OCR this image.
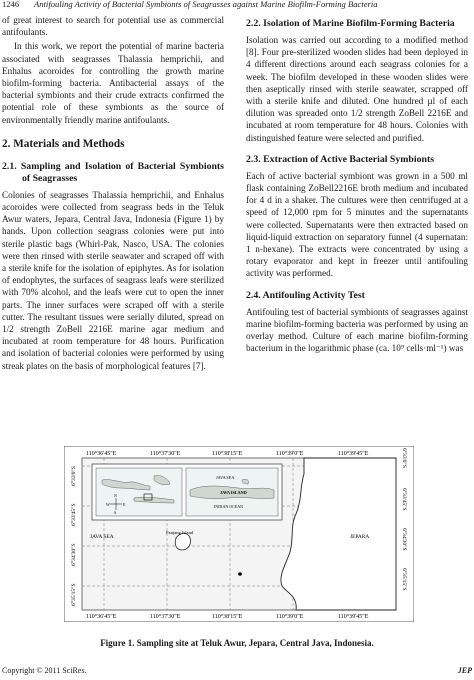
1246 Antifouling Activity of Bacterial Symbionts of Seagrasses against Marine Biofilm-Forming Bacteria

of great interest to search for potential use as commercial antifoulants.

In this work, we report the potential of marine bacteria associated with seagrasses Thalassia hemprichii, and Enhalus acoroides for controlling the growth marine biofilm-forming bacteria. Antibacterial assays of the bacterial symbionts and their crude extracts confirmed the potential role of these symbionts as the source of environmentally friendly marine antifoulants.

2. Materials and Methods
2.1. Sampling and Isolation of Bacterial Symbionts of Seagrasses

Colonies of seagrasses Thalassia hemprichii, and Enhalus acoroides were collected from seagrass beds in the Teluk Awur waters, Jepara, Central Java, Indonesia (Figure 1) by hands. Upon collection seagrass colonies were put into sterile plastic bags (Whirl-Pak, Nasco, USA. The colonies were then rinsed with sterile seawater and scraped off with a sterile knife for the isolation of epiphytes. As for isolation of endophytes, the surfaces of seagrass leafs were sterilized with 70% alcohol, and the leafs were cut to open the inner parts. The inner surfaces were scraped off with a sterile cutter. The resultant tissues were serially diluted, spread on 1/2 strength ZoBell 2216E marine agar medium and incubated at room temperature for 48 hours. Purification and isolation of bacterial colonies were performed by using streak plates on the basis of morphological features [7].

2.2. Isolation of Marine Biofilm-Forming Bacteria

Isolation was carried out according to a modified method [8]. Four pre-sterilized wooden slides had been deployed in 4 different directions around each seagrass colonies for a week. The biofilm developed in these wooden slides were then aseptically rinsed with sterile seawater, scrapped off with a sterile knife and diluted. One hundred µl of each dilution was spreaded onto 1/2 strength ZoBell 2216E and incubated at room temperature for 48 hours. Colonies with distinguished feature were selected and purified.

2.3. Extraction of Active Bacterial Symbionts

Each of active bacterial symbiont was grown in a 500 ml flask containing ZoBell2216E broth medium and incubated for 4 d in a shaker. The cultures were then centrifuged at a speed of 12,000 rpm for 5 minutes and the supernatants were collected. Supernatants were then extracted based on liquid-liquid extraction on separatory funnel (4 supernatan: 1 n-hexane). The extracts were concentrated by using a rotary evaporator and kept in freezer until antifouling activity was performed.

2.4. Antifouling Activity Test

Antifouling test of bacterial symbionts of seagrasses against marine biofilm-forming bacteria was performed by using an overlay method. Culture of each marine biofilm-forming bacterium in the logarithmic phase (ca. 10⁹ cells·ml⁻¹) was

N
S
W	E
JAVA SEA
JAVA ISLAND
INDIAN OCEAN
JAVA SEA
Panjang Island
JEPARA
110°36'45"E	110°37'30"E	110°38'15"E	110°39'0"E	110°39'45"E
110°36'45"E	110°37'30"E	110°38'15"E	110°39'0"E	110°39'45"E
6°33'0"S
6°33'45"S
6°34'30"S
6°35'15"S
6°33'0"S
6°33'45"S
6°34'30"S
6°35'15"S
Figure 1. Sampling site at Teluk Awur, Jepara, Central Java, Indonesia.
Copyright © 2011 SciRes.	JEP
